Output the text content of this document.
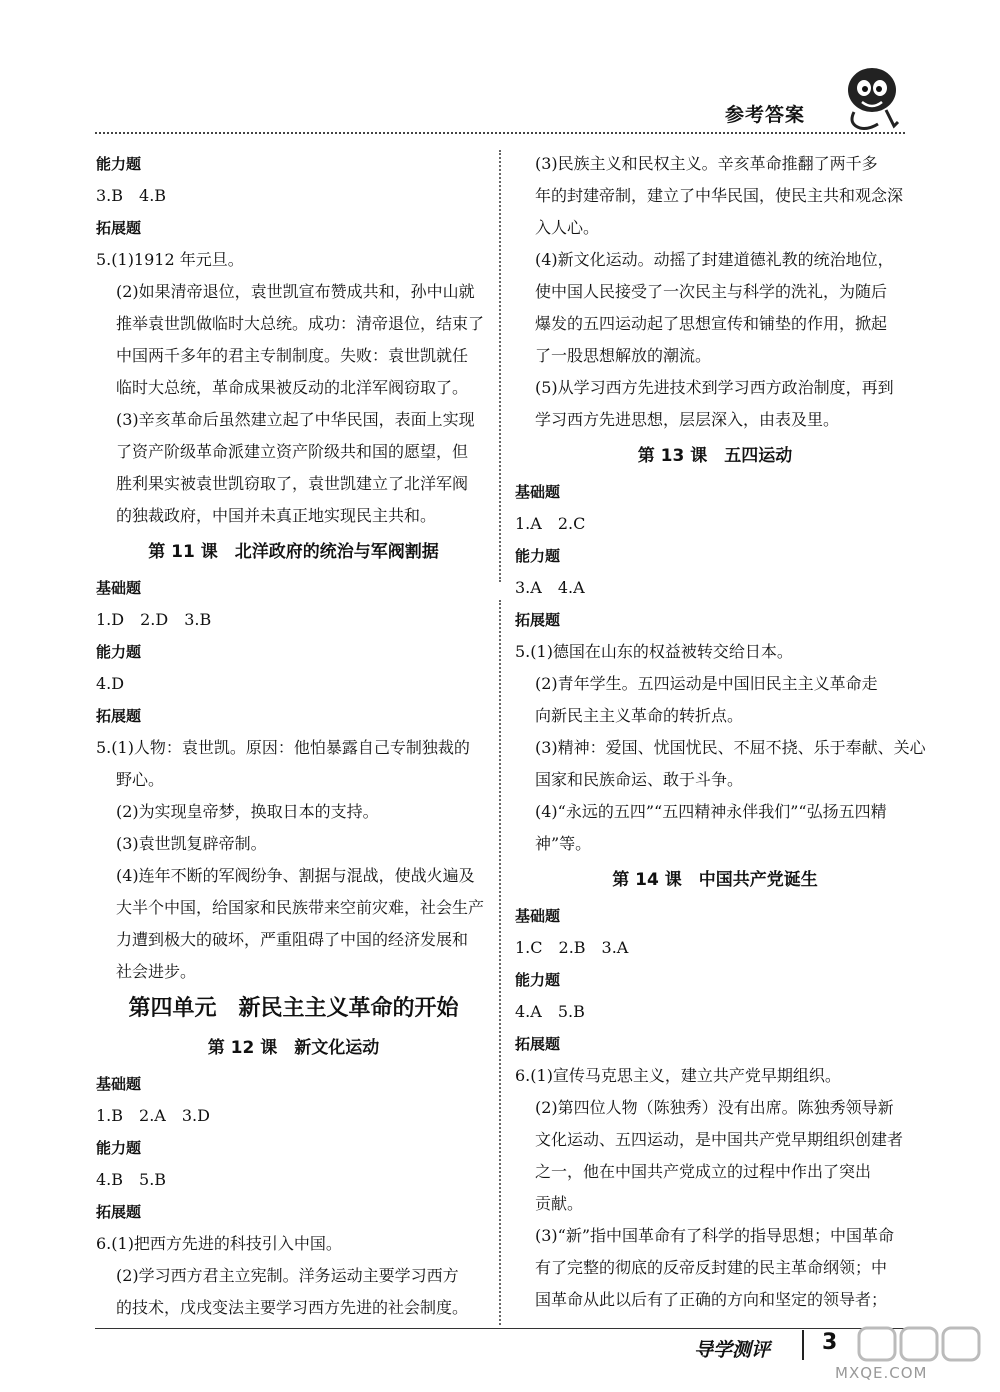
参考答案
能力题
3.B　4.B
拓展题
5.(1)1912 年元旦。
(2)如果清帝退位，袁世凯宣布赞成共和，孙中山就
推举袁世凯做临时大总统。成功：清帝退位，结束了
中国两千多年的君主专制制度。失败：袁世凯就任
临时大总统，革命成果被反动的北洋军阀窃取了。
(3)辛亥革命后虽然建立起了中华民国，表面上实现
了资产阶级革命派建立资产阶级共和国的愿望，但
胜利果实被袁世凯窃取了，袁世凯建立了北洋军阀
的独裁政府，中国并未真正地实现民主共和。
第 11 课　北洋政府的统治与军阀割据
基础题
1.D　2.D　3.B
能力题
4.D
拓展题
5.(1)人物：袁世凯。原因：他怕暴露自己专制独裁的
野心。
(2)为实现皇帝梦，换取日本的支持。
(3)袁世凯复辟帝制。
(4)连年不断的军阀纷争、割据与混战，使战火遍及
大半个中国，给国家和民族带来空前灾难，社会生产
力遭到极大的破坏，严重阻碍了中国的经济发展和
社会进步。
第四单元　新民主主义革命的开始
第 12 课　新文化运动
基础题
1.B　2.A　3.D
能力题
4.B　5.B
拓展题
6.(1)把西方先进的科技引入中国。
(2)学习西方君主立宪制。洋务运动主要学习西方
的技术，戊戌变法主要学习西方先进的社会制度。
(3)民族主义和民权主义。辛亥革命推翻了两千多
年的封建帝制，建立了中华民国，使民主共和观念深
入人心。
(4)新文化运动。动摇了封建道德礼教的统治地位，
使中国人民接受了一次民主与科学的洗礼，为随后
爆发的五四运动起了思想宣传和铺垫的作用，掀起
了一股思想解放的潮流。
(5)从学习西方先进技术到学习西方政治制度，再到
学习西方先进思想，层层深入，由表及里。
第 13 课　五四运动
基础题
1.A　2.C
能力题
3.A　4.A
拓展题
5.(1)德国在山东的权益被转交给日本。
(2)青年学生。五四运动是中国旧民主主义革命走
向新民主主义革命的转折点。
(3)精神：爱国、忧国忧民、不屈不挠、乐于奉献、关心
国家和民族命运、敢于斗争。
(4)“永远的五四”“五四精神永伴我们”“弘扬五四精
神”等。
第 14 课　中国共产党诞生
基础题
1.C　2.B　3.A
能力题
4.A　5.B
拓展题
6.(1)宣传马克思主义，建立共产党早期组织。
(2)第四位人物（陈独秀）没有出席。陈独秀领导新
文化运动、五四运动，是中国共产党早期组织创建者
之一，他在中国共产党成立的过程中作出了突出
贡献。
(3)“新”指中国革命有了科学的指导思想；中国革命
有了完整的彻底的反帝反封建的民主革命纲领；中
国革命从此以后有了正确的方向和坚定的领导者；
导学测评 3
MXQE.COM
